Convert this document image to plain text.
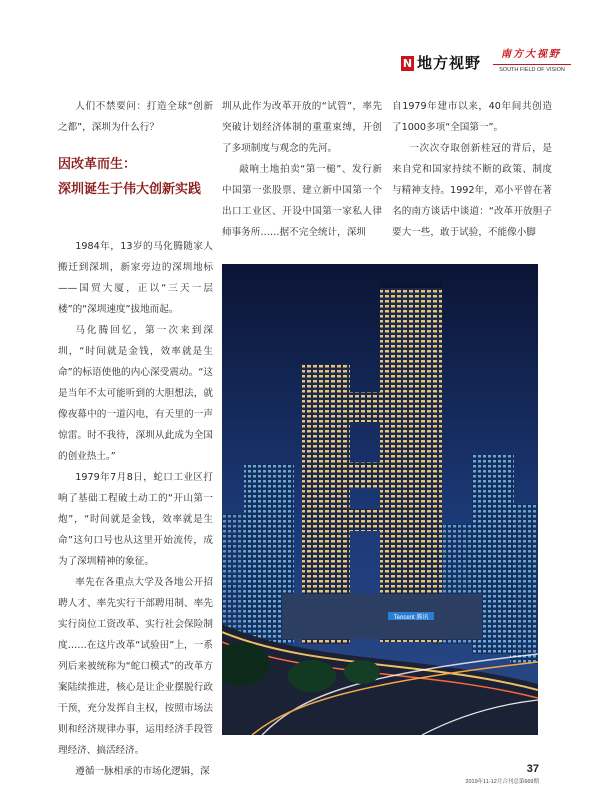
N 地方视野	南方大视野
SOUTH FIELD OF VISION

人们不禁要问：打造全球“创新之都”，深圳为什么行？

因改革而生：
深圳诞生于伟大创新实践

1984年，13岁的马化腾随家人搬迁到深圳，新家旁边的深圳地标——国贸大厦，正以“三天一层楼”的“深圳速度”拔地而起。

马化腾回忆，第一次来到深圳，“时间就是金钱，效率就是生命”的标语使他的内心深受震动。“这是当年不太可能听到的大胆想法，就像夜幕中的一道闪电，有天里的一声惊雷。时不我待，深圳从此成为全国的创业热土。”

1979年7月8日，蛇口工业区打响了基础工程破土动工的“开山第一炮”，“时间就是金钱，效率就是生命”这句口号也从这里开始流传，成为了深圳精神的象征。

率先在各重点大学及各地公开招聘人才、率先实行干部聘用制、率先实行岗位工资改革、实行社会保险制度……在这片改革“试验田”上，一系列后来被统称为“蛇口模式”的改革方案陆续推进，核心是让企业摆脱行政干预，充分发挥自主权，按照市场法则和经济规律办事，运用经济手段管理经济、搞活经济。

遵循一脉相承的市场化逻辑，深

圳从此作为改革开放的“试管”，率先突破计划经济体制的重重束缚，开创了多项制度与观念的先河。

敲响土地拍卖“第一槌”、发行新中国第一张股票、建立新中国第一个出口工业区、开设中国第一家私人律师事务所……据不完全统计，深圳

自1979年建市以来，40年间共创造了1000多项“全国第一”。

一次次夺取创新桂冠的背后，是来自党和国家持续不断的政策、制度与精神支持。1992年，邓小平曾在著名的南方谈话中谈道：“改革开放胆子要大一些，敢于试验，不能像小脚

Tencent 腾讯
37
2019年11-12月合刊总第669期
